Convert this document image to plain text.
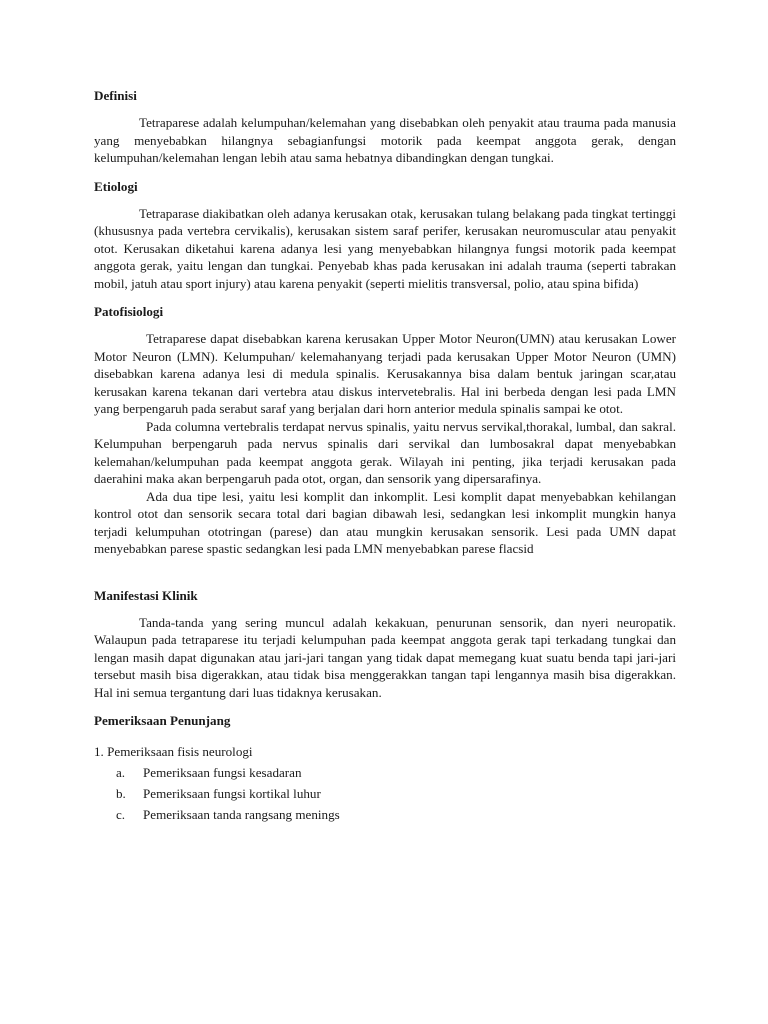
Definisi

Tetraparese adalah kelumpuhan/kelemahan yang disebabkan oleh penyakit atau trauma pada manusia yang menyebabkan hilangnya sebagianfungsi motorik pada keempat anggota gerak, dengan kelumpuhan/kelemahan lengan lebih atau sama hebatnya dibandingkan dengan tungkai.

Etiologi

Tetraparase diakibatkan oleh adanya kerusakan otak, kerusakan tulang belakang pada tingkat tertinggi (khususnya pada vertebra cervikalis), kerusakan sistem saraf perifer, kerusakan neuromuscular atau penyakit otot. Kerusakan diketahui karena adanya lesi yang menyebabkan hilangnya fungsi motorik pada keempat anggota gerak, yaitu lengan dan tungkai. Penyebab khas pada kerusakan ini adalah trauma (seperti tabrakan mobil, jatuh atau sport injury) atau karena penyakit (seperti mielitis transversal, polio, atau spina bifida)

Patofisiologi

Tetraparese dapat disebabkan karena kerusakan Upper Motor Neuron(UMN) atau kerusakan Lower Motor Neuron (LMN). Kelumpuhan/ kelemahanyang terjadi pada kerusakan Upper Motor Neuron (UMN) disebabkan karena adanya lesi di medula spinalis. Kerusakannya bisa dalam bentuk jaringan scar,atau kerusakan karena tekanan dari vertebra atau diskus intervetebralis. Hal ini berbeda dengan lesi pada LMN yang berpengaruh pada serabut saraf yang berjalan dari horn anterior medula spinalis sampai ke otot.

Pada columna vertebralis terdapat nervus spinalis, yaitu nervus servikal,thorakal, lumbal, dan sakral. Kelumpuhan berpengaruh pada nervus spinalis dari servikal dan lumbosakral dapat menyebabkan kelemahan/kelumpuhan pada keempat anggota gerak. Wilayah ini penting, jika terjadi kerusakan pada daerahini maka akan berpengaruh pada otot, organ, dan sensorik yang dipersarafinya.

Ada dua tipe lesi, yaitu lesi komplit dan inkomplit. Lesi komplit dapat menyebabkan kehilangan kontrol otot dan sensorik secara total dari bagian dibawah lesi, sedangkan lesi inkomplit mungkin hanya terjadi kelumpuhan ototringan (parese) dan atau mungkin kerusakan sensorik. Lesi pada UMN dapat menyebabkan parese spastic sedangkan lesi pada LMN menyebabkan parese flacsid

Manifestasi Klinik

Tanda-tanda yang sering muncul adalah kekakuan, penurunan sensorik, dan nyeri neuropatik. Walaupun pada tetraparese itu terjadi kelumpuhan pada keempat anggota gerak tapi terkadang tungkai dan lengan masih dapat digunakan atau jari-jari tangan yang tidak dapat memegang kuat suatu benda tapi jari-jari tersebut masih bisa digerakkan, atau tidak bisa menggerakkan tangan tapi lengannya masih bisa digerakkan. Hal ini semua tergantung dari luas tidaknya kerusakan.

Pemeriksaan Penunjang
1. Pemeriksaan fisis neurologi
a. Pemeriksaan fungsi kesadaran
b. Pemeriksaan fungsi kortikal luhur
c. Pemeriksaan tanda rangsang menings
